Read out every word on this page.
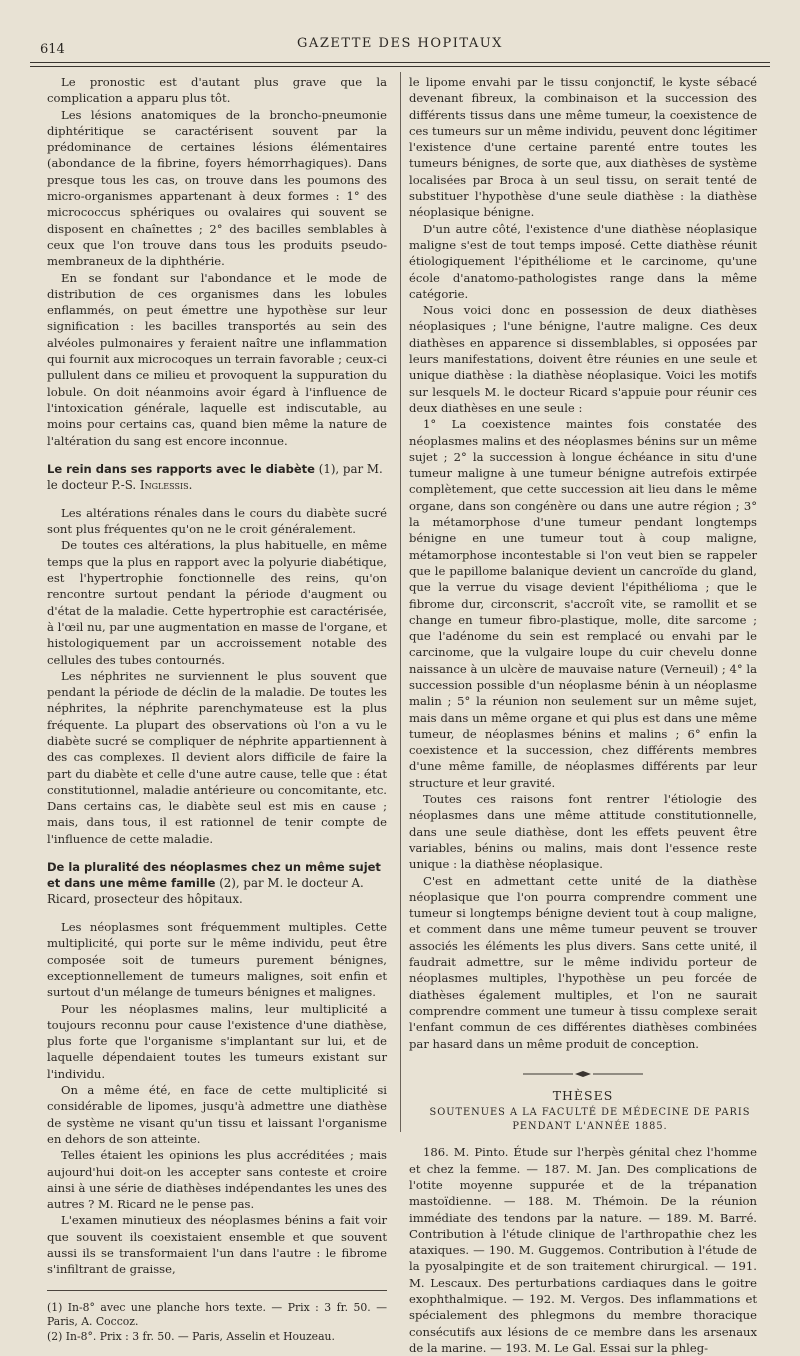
614	GAZETTE DES HOPITAUX

Le pronostic est d'autant plus grave que la complication a apparu plus tôt.

Les lésions anatomiques de la broncho-pneumonie diphtéritique se caractérisent souvent par la prédominance de certaines lésions élémentaires (abondance de la fibrine, foyers hémorrhagiques). Dans presque tous les cas, on trouve dans les poumons des micro-organismes appartenant à deux formes : 1° des micrococcus sphériques ou ovalaires qui souvent se disposent en chaînettes ; 2° des bacilles semblables à ceux que l'on trouve dans tous les produits pseudo-membraneux de la diphthérie.

En se fondant sur l'abondance et le mode de distribution de ces organismes dans les lobules enflammés, on peut émettre une hypothèse sur leur signification : les bacilles transportés au sein des alvéoles pulmonaires y feraient naître une inflammation qui fournit aux microcoques un terrain favorable ; ceux-ci pullulent dans ce milieu et provoquent la suppuration du lobule. On doit néanmoins avoir égard à l'influence de l'intoxication générale, laquelle est indiscutable, au moins pour certains cas, quand bien même la nature de l'altération du sang est encore inconnue.

Le rein dans ses rapports avec le diabète (1), par M. le docteur P.-S. Inglessis.

Les altérations rénales dans le cours du diabète sucré sont plus fréquentes qu'on ne le croit généralement.

De toutes ces altérations, la plus habituelle, en même temps que la plus en rapport avec la polyurie diabétique, est l'hypertrophie fonctionnelle des reins, qu'on rencontre surtout pendant la période d'augment ou d'état de la maladie. Cette hypertrophie est caractérisée, à l'œil nu, par une augmentation en masse de l'organe, et histologiquement par un accroissement notable des cellules des tubes contournés.

Les néphrites ne surviennent le plus souvent que pendant la période de déclin de la maladie. De toutes les néphrites, la néphrite parenchymateuse est la plus fréquente. La plupart des observations où l'on a vu le diabète sucré se compliquer de néphrite appartiennent à des cas complexes. Il devient alors difficile de faire la part du diabète et celle d'une autre cause, telle que : état constitutionnel, maladie antérieure ou concomitante, etc. Dans certains cas, le diabète seul est mis en cause ; mais, dans tous, il est rationnel de tenir compte de l'influence de cette maladie.

De la pluralité des néoplasmes chez un même sujet et dans une même famille (2), par M. le docteur A. Ricard, prosecteur des hôpitaux.

Les néoplasmes sont fréquemment multiples. Cette multiplicité, qui porte sur le même individu, peut être composée soit de tumeurs purement bénignes, exceptionnellement de tumeurs malignes, soit enfin et surtout d'un mélange de tumeurs bénignes et malignes.

Pour les néoplasmes malins, leur multiplicité a toujours reconnu pour cause l'existence d'une diathèse, plus forte que l'organisme s'implantant sur lui, et de laquelle dépendaient toutes les tumeurs existant sur l'individu.

On a même été, en face de cette multiplicité si considérable de lipomes, jusqu'à admettre une diathèse de système ne visant qu'un tissu et laissant l'organisme en dehors de son atteinte.

Telles étaient les opinions les plus accréditées ; mais aujourd'hui doit-on les accepter sans conteste et croire ainsi à une série de diathèses indépendantes les unes des autres ? M. Ricard ne le pense pas.

L'examen minutieux des néoplasmes bénins a fait voir que souvent ils coexistaient ensemble et que souvent aussi ils se transformaient l'un dans l'autre : le fibrome s'infiltrant de graisse,

(1) In-8° avec une planche hors texte. — Prix : 3 fr. 50. — Paris, A. Coccoz.

(2) In-8°. Prix : 3 fr. 50. — Paris, Asselin et Houzeau.

le lipome envahi par le tissu conjonctif, le kyste sébacé devenant fibreux, la combinaison et la succession des différents tissus dans une même tumeur, la coexistence de ces tumeurs sur un même individu, peuvent donc légitimer l'existence d'une certaine parenté entre toutes les tumeurs bénignes, de sorte que, aux diathèses de système localisées par Broca à un seul tissu, on serait tenté de substituer l'hypothèse d'une seule diathèse : la diathèse néoplasique bénigne.

D'un autre côté, l'existence d'une diathèse néoplasique maligne s'est de tout temps imposé. Cette diathèse réunit étiologiquement l'épithéliome et le carcinome, qu'une école d'anatomo-pathologistes range dans la même catégorie.

Nous voici donc en possession de deux diathèses néoplasiques ; l'une bénigne, l'autre maligne. Ces deux diathèses en apparence si dissemblables, si opposées par leurs manifestations, doivent être réunies en une seule et unique diathèse : la diathèse néoplasique. Voici les motifs sur lesquels M. le docteur Ricard s'appuie pour réunir ces deux diathèses en une seule :

1° La coexistence maintes fois constatée des néoplasmes malins et des néoplasmes bénins sur un même sujet ; 2° la succession à longue échéance in situ d'une tumeur maligne à une tumeur bénigne autrefois extirpée complètement, que cette succession ait lieu dans le même organe, dans son congénère ou dans une autre région ; 3° la métamorphose d'une tumeur pendant longtemps bénigne en une tumeur tout à coup maligne, métamorphose incontestable si l'on veut bien se rappeler que le papillome balanique devient un cancroïde du gland, que la verrue du visage devient l'épithélioma ; que le fibrome dur, circonscrit, s'accroît vite, se ramollit et se change en tumeur fibro-plastique, molle, dite sarcome ; que l'adénome du sein est remplacé ou envahi par le carcinome, que la vulgaire loupe du cuir chevelu donne naissance à un ulcère de mauvaise nature (Verneuil) ; 4° la succession possible d'un néoplasme bénin à un néoplasme malin ; 5° la réunion non seulement sur un même sujet, mais dans un même organe et qui plus est dans une même tumeur, de néoplasmes bénins et malins ; 6° enfin la coexistence et la succession, chez différents membres d'une même famille, de néoplasmes différents par leur structure et leur gravité.

Toutes ces raisons font rentrer l'étiologie des néoplasmes dans une même attitude constitutionnelle, dans une seule diathèse, dont les effets peuvent être variables, bénins ou malins, mais dont l'essence reste unique : la diathèse néoplasique.

C'est en admettant cette unité de la diathèse néoplasique que l'on pourra comprendre comment une tumeur si longtemps bénigne devient tout à coup maligne, et comment dans une même tumeur peuvent se trouver associés les éléments les plus divers. Sans cette unité, il faudrait admettre, sur le même individu porteur de néoplasmes multiples, l'hypothèse un peu forcée de diathèses également multiples, et l'on ne saurait comprendre comment une tumeur à tissu complexe serait l'enfant commun de ces différentes diathèses combinées par hasard dans un même produit de conception.

THÈSES

SOUTENUES A LA FACULTÉ DE MÉDECINE DE PARIS

PENDANT L'ANNÉE 1885.

186. M. Pinto. Étude sur l'herpès génital chez l'homme et chez la femme. — 187. M. Jan. Des complications de l'otite moyenne suppurée et de la trépanation mastoïdienne. — 188. M. Thémoin. De la réunion immédiate des tendons par la nature. — 189. M. Barré. Contribution à l'étude clinique de l'arthropathie chez les ataxiques. — 190. M. Guggemos. Contribution à l'étude de la pyosalpingite et de son traitement chirurgical. — 191. M. Lescaux. Des perturbations cardiaques dans le goitre exophthalmique. — 192. M. Vergos. Des inflammations et spécialement des phlegmons du membre thoracique consécutifs aux lésions de ce membre dans les arsenaux de la marine. — 193. M. Le Gal. Essai sur la phleg-
